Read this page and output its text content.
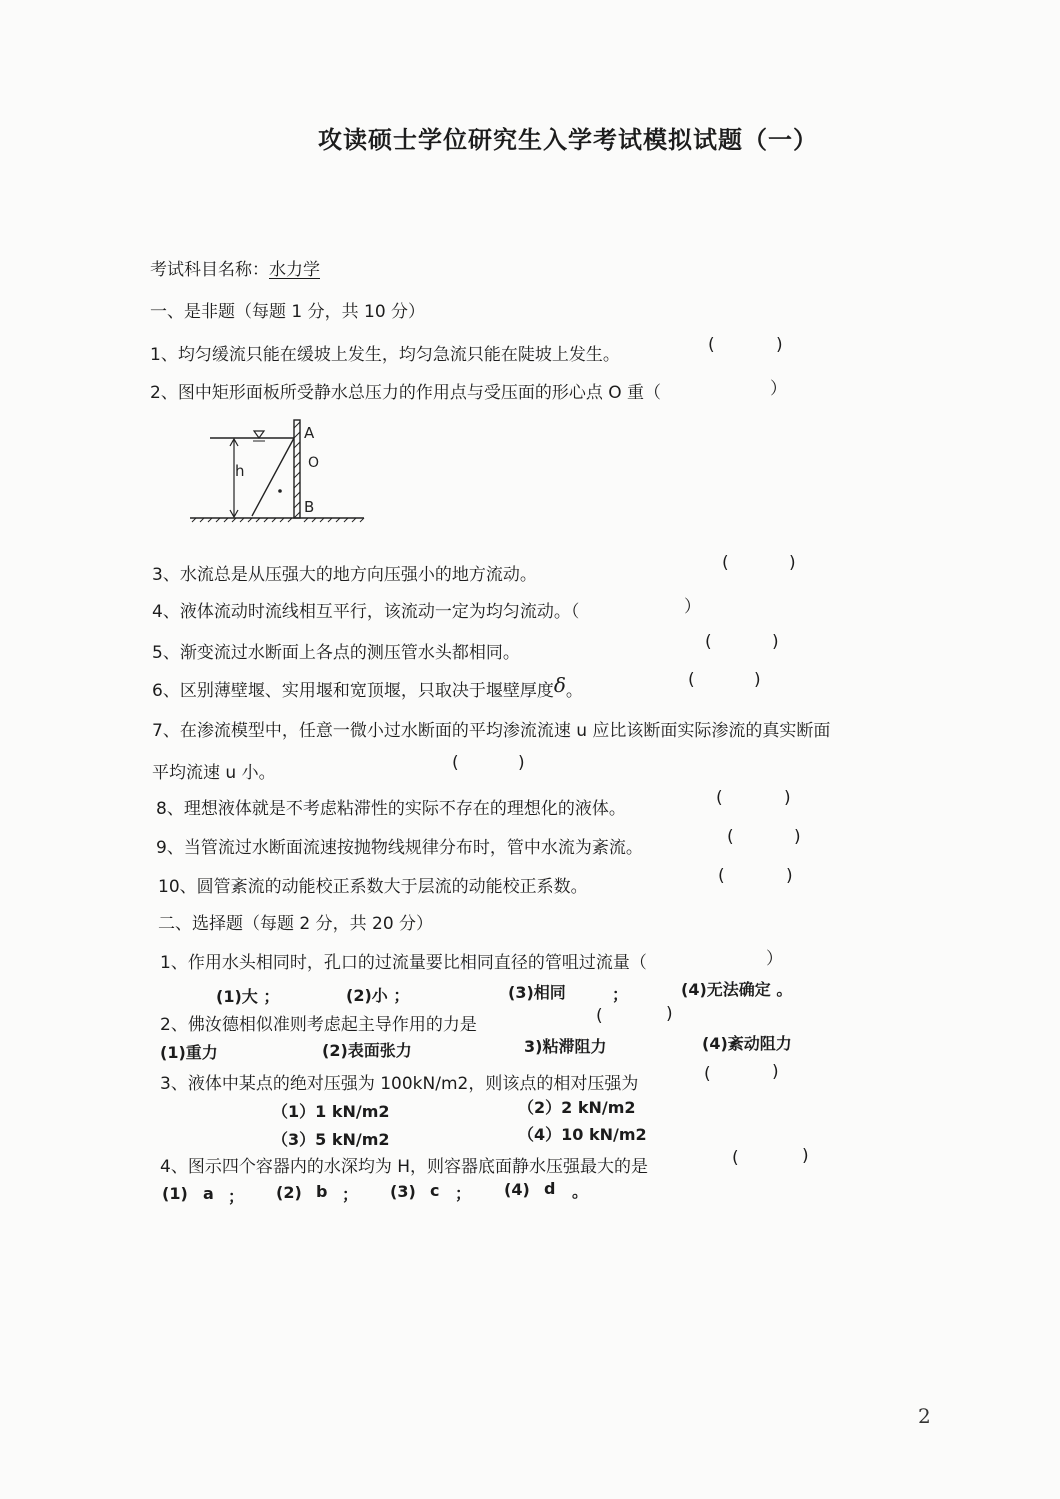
攻读硕士学位研究生入学考试模拟试题（一）
考试科目名称：水力学
一、是非题（每题 1 分，共 10 分）
1、均匀缓流只能在缓坡上发生，均匀急流只能在陡坡上发生。	(	)
2、图中矩形面板所受静水总压力的作用点与受压面的形心点 O 重（	）
h
A
O
B
3、水流总是从压强大的地方向压强小的地方流动。
(	)
4、液体流动时流线相互平行，该流动一定为均匀流动。（	）
5、渐变流过水断面上各点的测压管水头都相同。
(	)
6、区别薄壁堰、实用堰和宽顶堰，只取决于堰壁厚度δ。
(	)
7、在渗流模型中，任意一微小过水断面的平均渗流流速 u 应比该断面实际渗流的真实断面
平均流速 u 小。	(	)
8、理想液体就是不考虑粘滞性的实际不存在的理想化的液体。
(	)
9、当管流过水断面流速按抛物线规律分布时，管中水流为紊流。
(	)
10、圆管紊流的动能校正系数大于层流的动能校正系数。
(	)
二、选择题（每题 2 分，共 20 分）
1、作用水头相同时，孔口的过流量要比相同直径的管咀过流量（	）
(1)大 ；	(2)小 ；	(3)相同	；	(4)无法确定 。
2、佛汝德相似准则考虑起主导作用的力是	(	)
(1)重力	(2)表面张力	3)粘滞阻力	(4)紊动阻力
3、液体中某点的绝对压强为 100kN/m2，则该点的相对压强为	(	)
（1）1 kN/m2	（2）2 kN/m2
（3）5 kN/m2	（4）10 kN/m2
4、图示四个容器内的水深均为 H，则容器底面静水压强最大的是	(	)
(1) a ； (2) b ； (3) c ； (4) d 。
2
